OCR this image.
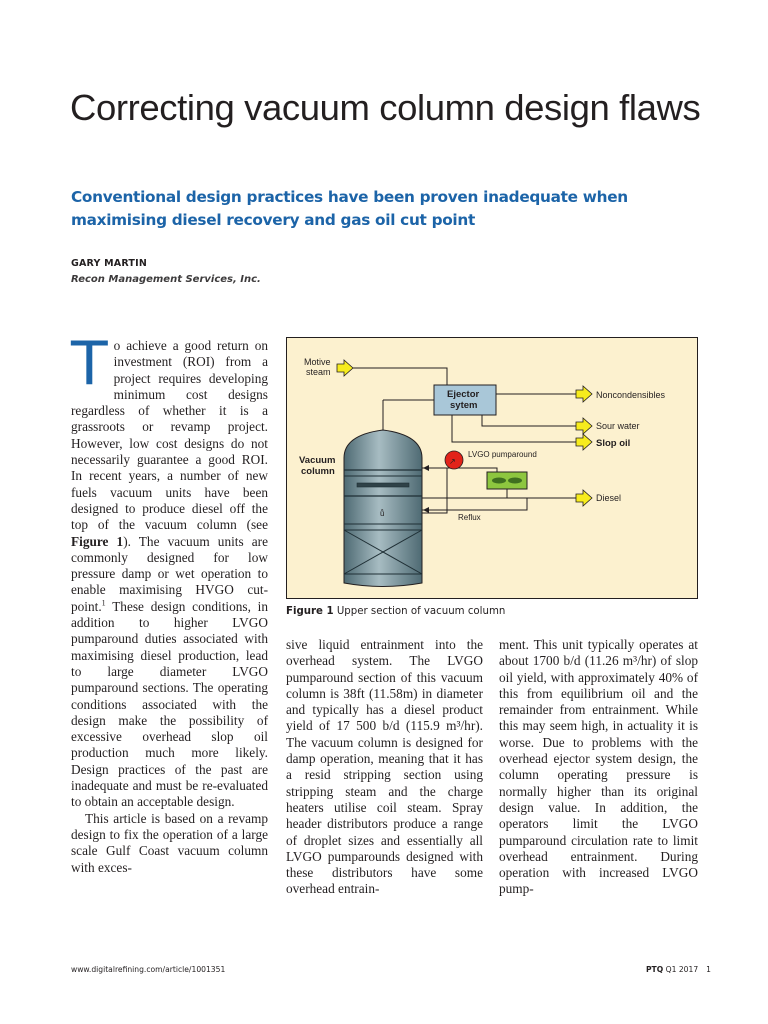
Correcting vacuum column design flaws

Conventional design practices have been proven inadequate when maximising diesel recovery and gas oil cut point

GARY MARTIN

Recon Management Services, Inc.

To achieve a good return on investment (ROI) from a project requires developing minimum cost designs regardless of whether it is a grassroots or revamp project. However, low cost designs do not necessarily guarantee a good ROI. In recent years, a number of new fuels vacuum units have been designed to produce diesel off the top of the vacuum column (see Figure 1). The vacuum units are commonly designed for low pressure damp or wet operation to enable maximising HVGO cut-point.$^1$ These design conditions, in addition to higher LVGO pumparound duties associated with maximising diesel production, lead to large diameter LVGO pumparound sections. The operating conditions associated with the design make the possibility of excessive overhead slop oil production much more likely. Design practices of the past are inadequate and must be re-evaluated to obtain an acceptable design.

This article is based on a revamp design to fix the operation of a large scale Gulf Coast vacuum column with exces-

sive liquid entrainment into the overhead system. The LVGO pumparound section of this vacuum column is 38ft (11.58m) in diameter and typically has a diesel product yield of 17 500 b/d (115.9 m³/hr). The vacuum column is designed for damp operation, meaning that it has a resid stripping section using stripping steam and the charge heaters utilise coil steam. Spray header distributors produce a range of droplet sizes and essentially all LVGO pumparounds designed with these distributors have some overhead entrain-

ment. This unit typically operates at about 1700 b/d (11.26 m³/hr) of slop oil yield, with approximately 40% of this from equilibrium oil and the remainder from entrainment. While this may seem high, in actuality it is worse. Due to problems with the overhead ejector system design, the column operating pressure is normally higher than its original design value. In addition, the operators limit the LVGO pumparound circulation rate to limit overhead entrainment. During operation with increased LVGO pump-

Motive
steam
Ejector
sytem
Noncondensibles
Sour water
Slop oil
ů
Vacuum
column
↗
LVGO pumparound
Diesel
Reflux

Figure 1 Upper section of vacuum column

www.digitalrefining.com/article/1001351	PTQ Q1 2017 1
